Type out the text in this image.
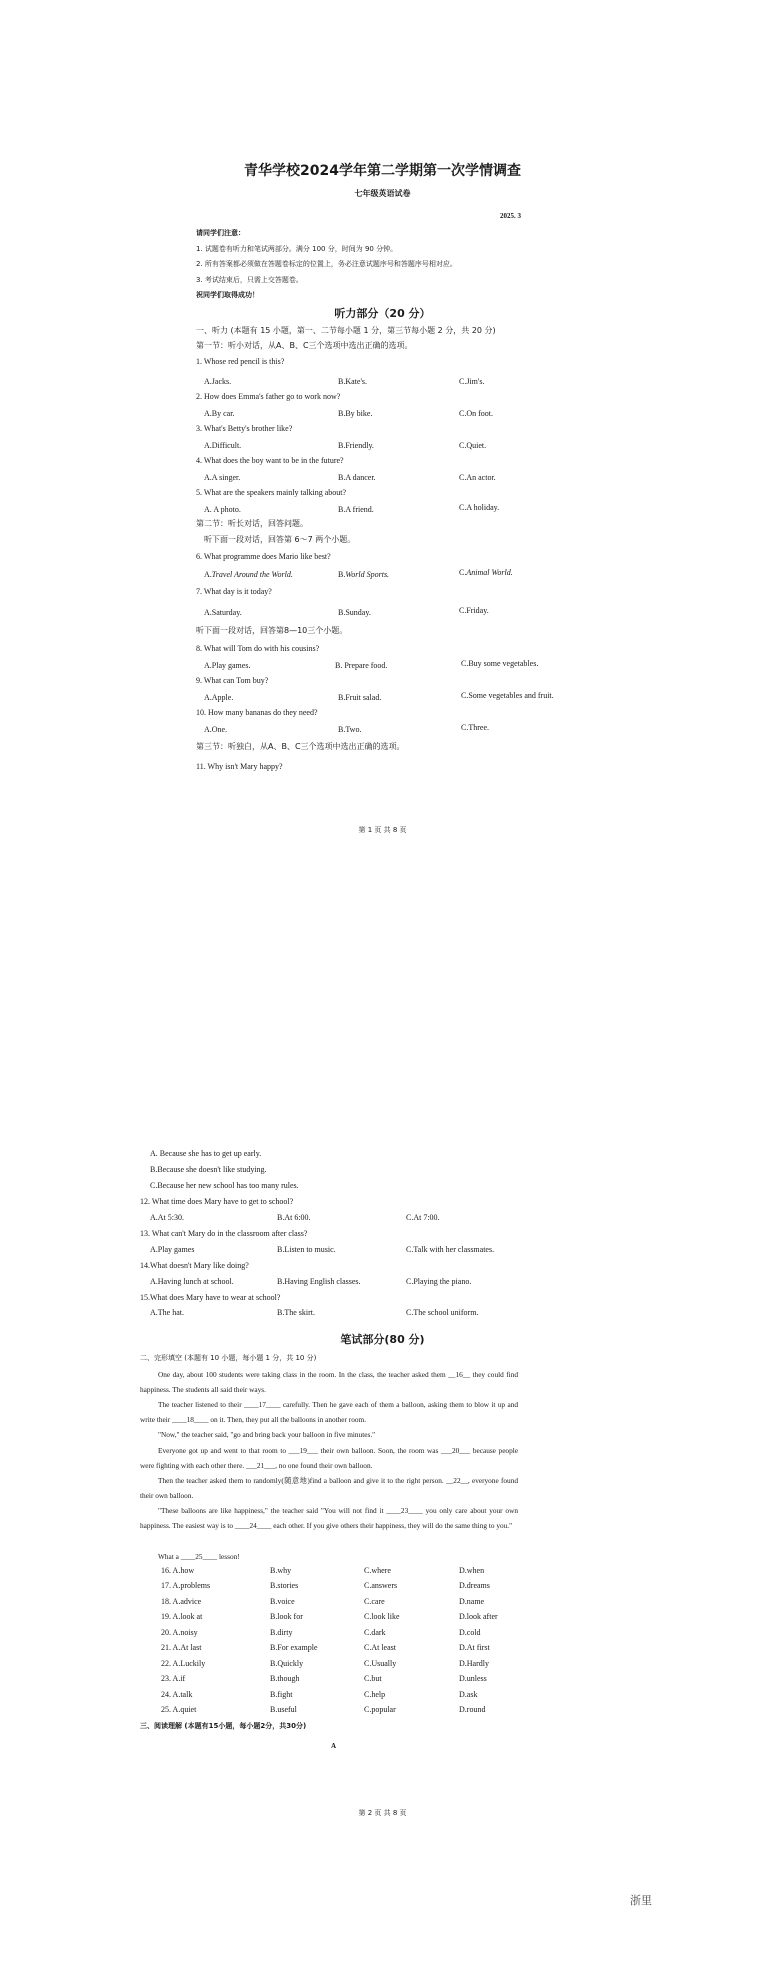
青华学校2024学年第二学期第一次学情调查
七年级英语试卷
2025. 3
请同学们注意：
1. 试题卷有听力和笔试两部分。满分 100 分，时间为 90 分钟。
2. 所有答案都必须做在答题卷标定的位置上，务必注意试题序号和答题序号相对应。
3. 考试结束后，只需上交答题卷。
祝同学们取得成功！
听力部分（20 分）
一、听力 (本题有 15 小题，第一、二节每小题 1 分，第三节每小题 2 分，共 20 分)
第一节：听小对话，从A、B、C三个选项中选出正确的选项。
1. Whose red pencil is this?
A.Jacks.	B.Kate's.	C.Jim's.
2. How does Emma's father go to work now?
A.By car.	B.By bike.	C.On foot.
3. What's Betty's brother like?
A.Difficult.	B.Friendly.	C.Quiet.
4. What does the boy want to be in the future?
A.A singer.	B.A dancer.	C.An actor.
5. What are the speakers mainly talking about?
A. A photo.	B.A friend.	C.A holiday.
第二节：听长对话，回答问题。
听下面一段对话，回答第 6～7 两个小题。
6. What programme does Mario like best?
A.Travel Around the World.	B.World Sports.	C.Animal World.
7. What day is it today?
A.Saturday.	B.Sunday.	C.Friday.
听下面一段对话，回答第8—10三个小题。
8. What will Tom do with his cousins?
A.Play games.	B. Prepare food.	C.Buy some vegetables.
9. What can Tom buy?
A.Apple.	B.Fruit salad.	C.Some vegetables and fruit.
10. How many bananas do they need?
A.One.	B.Two.	C.Three.
第三节：听独白，从A、B、C三个选项中选出正确的选项。
11. Why isn't Mary happy?
第 1 页 共 8 页
A. Because she has to get up early.
B.Because she doesn't like studying.
C.Because her new school has too many rules.
12. What time does Mary have to get to school?
A.At 5:30.	B.At 6:00.	C.At 7:00.
13. What can't Mary do in the classroom after class?
A.Play games	B.Listen to music.	C.Talk with her classmates.
14.What doesn't Mary like doing?
A.Having lunch at school.	B.Having English classes.	C.Playing the piano.
15.What does Mary have to wear at school?
A.The hat.	B.The skirt.	C.The school uniform.
笔试部分(80 分)
二、完形填空 (本题有 10 小题，每小题 1 分，共 10 分)
One day, about 100 students were taking class in the room. In the class, the teacher asked them __16__ they could find happiness. The students all said their ways.
The teacher listened to their ____17____ carefully. Then he gave each of them a balloon, asking them to blow it up and write their ____18____ on it. Then, they put all the balloons in another room.
"Now," the teacher said, "go and bring back your balloon in five minutes."
Everyone got up and went to that room to ___19___ their own balloon. Soon, the room was ___20___ because people were fighting with each other there. ___21___, no one found their own balloon.
Then the teacher asked them to randomly(随意地)find a balloon and give it to the right person. __22__, everyone found their own balloon.
"These balloons are like happiness," the teacher said "You will not find it ____23____ you only care about your own happiness. The easiest way is to ____24____ each other. If you give others their happiness, they will do the same thing to you."
What a ____25____ lesson!
16. A.how	B.why	C.where	D.when
17. A.problems	B.stories	C.answers	D.dreams
18. A.advice	B.voice	C.care	D.name
19. A.look at	B.look for	C.look like	D.look after
20. A.noisy	B.dirty	C.dark	D.cold
21. A.At last	B.For example	C.At least	D.At first
22. A.Luckily	B.Quickly	C.Usually	D.Hardly
23. A.if	B.though	C.but	D.unless
24. A.talk	B.fight	C.help	D.ask
25. A.quiet	B.useful	C.popular	D.round
三、阅读理解 (本题有15小题，每小题2分，共30分)
A
第 2 页 共 8 页
浙里
